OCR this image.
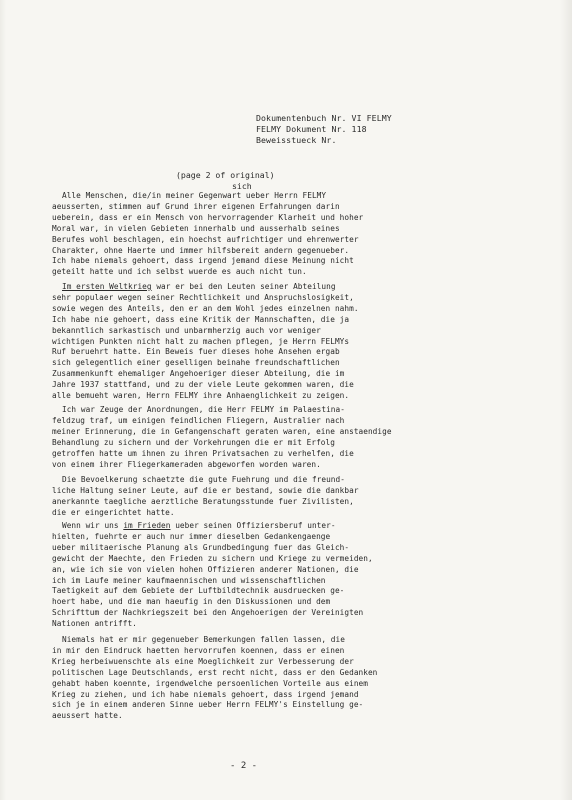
Dokumentenbuch Nr. VI FELMY
FELMY Dokument Nr. 118
Beweisstueck Nr.
(page 2 of original)
sich
Alle Menschen, die/in meiner Gegenwart ueber Herrn FELMY
aeusserten, stimmen auf Grund ihrer eigenen Erfahrungen darin
ueberein, dass er ein Mensch von hervorragender Klarheit und hoher
Moral war, in vielen Gebieten innerhalb und ausserhalb seines
Berufes wohl beschlagen, ein hoechst aufrichtiger und ehrenwerter
Charakter, ohne Haerte und immer hilfsbereit andern gegenueber.
Ich habe niemals gehoert, dass irgend jemand diese Meinung nicht
geteilt hatte und ich selbst wuerde es auch nicht tun.
Im ersten Weltkrieg war er bei den Leuten seiner Abteilung
sehr populaer wegen seiner Rechtlichkeit und Anspruchslosigkeit,
sowie wegen des Anteils, den er an dem Wohl jedes einzelnen nahm.
Ich habe nie gehoert, dass eine Kritik der Mannschaften, die ja
bekanntlich sarkastisch und unbarmherzig auch vor weniger
wichtigen Punkten nicht halt zu machen pflegen, je Herrn FELMYs
Ruf beruehrt hatte. Ein Beweis fuer dieses hohe Ansehen ergab
sich gelegentlich einer geselligen beinahe freundschaftlichen
Zusammenkunft ehemaliger Angehoeriger dieser Abteilung, die im
Jahre 1937 stattfand, und zu der viele Leute gekommen waren, die
alle bemueht waren, Herrn FELMY ihre Anhaenglichkeit zu zeigen.
Ich war Zeuge der Anordnungen, die Herr FELMY im Palaestina-
feldzug traf, um einigen feindlichen Fliegern, Australier nach
meiner Erinnerung, die in Gefangenschaft geraten waren, eine anstaendige
Behandlung zu sichern und der Vorkehrungen die er mit Erfolg
getroffen hatte um ihnen zu ihren Privatsachen zu verhelfen, die
von einem ihrer Fliegerkameraden abgeworfen worden waren.
Die Bevoelkerung schaetzte die gute Fuehrung und die freund-
liche Haltung seiner Leute, auf die er bestand, sowie die dankbar
anerkannte taegliche aerztliche Beratungsstunde fuer Zivilisten,
die er eingerichtet hatte.
Wenn wir uns im Frieden ueber seinen Offiziersberuf unter-
hielten, fuehrte er auch nur immer dieselben Gedankengaenge
ueber militaerische Planung als Grundbedingung fuer das Gleich-
gewicht der Maechte, den Frieden zu sichern und Kriege zu vermeiden,
an, wie ich sie von vielen hohen Offizieren anderer Nationen, die
ich im Laufe meiner kaufmaennischen und wissenschaftlichen
Taetigkeit auf dem Gebiete der Luftbildtechnik ausdruecken ge-
hoert habe, und die man haeufig in den Diskussionen und dem
Schrifttum der Nachkriegszeit bei den Angehoerigen der Vereinigten
Nationen antrifft.
Niemals hat er mir gegenueber Bemerkungen fallen lassen, die
in mir den Eindruck haetten hervorrufen koennen, dass er einen
Krieg herbeiwuenschte als eine Moeglichkeit zur Verbesserung der
politischen Lage Deutschlands, erst recht nicht, dass er den Gedanken
gehabt haben koennte, irgendwelche persoenlichen Vorteile aus einem
Krieg zu ziehen, und ich habe niemals gehoert, dass irgend jemand
sich je in einem anderen Sinne ueber Herrn FELMY's Einstellung ge-
aeussert hatte.
- 2 -
